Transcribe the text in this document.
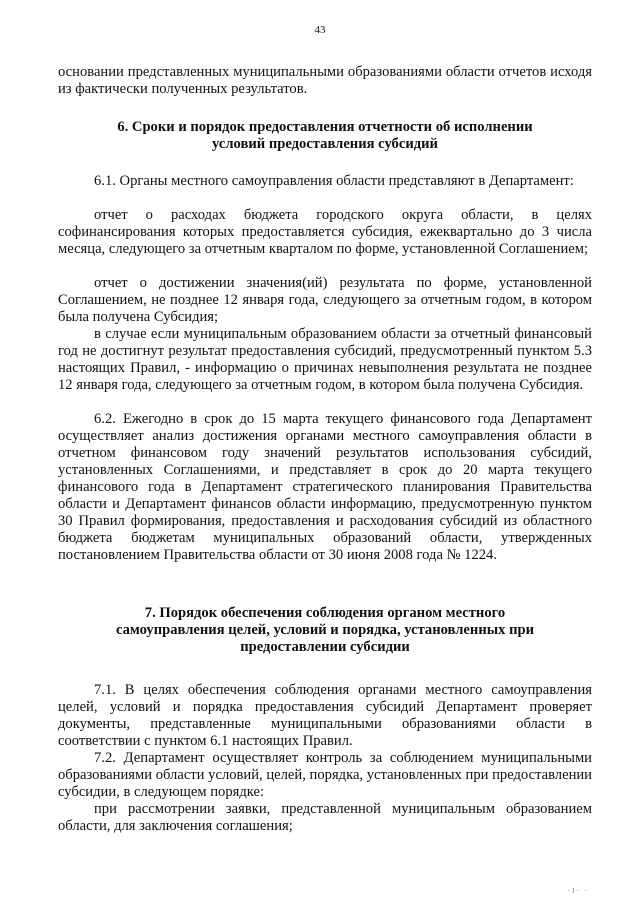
43

основании представленных муниципальными образованиями области отчетов исходя из фактически полученных результатов.

6. Сроки и порядок предоставления отчетности об исполнении

условий предоставления субсидий

6.1. Органы местного самоуправления области представляют в Департамент:

отчет о расходах бюджета городского округа области, в целях софинансирования которых предоставляется субсидия, ежеквартально до 3 числа месяца, следующего за отчетным кварталом по форме, установленной Соглашением;

отчет о достижении значения(ий) результата по форме, установленной Соглашением, не позднее 12 января года, следующего за отчетным годом, в котором была получена Субсидия;

в случае если муниципальным образованием области за отчетный финансовый год не достигнут результат предоставления субсидий, предусмотренный пунктом 5.3 настоящих Правил, - информацию о причинах невыполнения результата не позднее 12 января года, следующего за отчетным годом, в котором была получена Субсидия.

6.2. Ежегодно в срок до 15 марта текущего финансового года Департамент осуществляет анализ достижения органами местного самоуправления области в отчетном финансовом году значений результатов использования субсидий, установленных Соглашениями, и представляет в срок до 20 марта текущего финансового года в Департамент стратегического планирования Правительства области и Департамент финансов области информацию, предусмотренную пунктом 30 Правил формирования, предоставления и расходования субсидий из областного бюджета бюджетам муниципальных образований области, утвержденных постановлением Правительства области от 30 июня 2008 года № 1224.

7. Порядок обеспечения соблюдения органом местного

самоуправления целей, условий и порядка, установленных при

предоставлении субсидии

7.1. В целях обеспечения соблюдения органами местного самоуправления целей, условий и порядка предоставления субсидий Департамент проверяет документы, представленные муниципальными образованиями области в соответствии с пунктом 6.1 настоящих Правил.

7.2. Департамент осуществляет контроль за соблюдением муниципальными образованиями области условий, целей, порядка, установленных при предоставлении субсидии, в следующем порядке:

при рассмотрении заявки, представленной муниципальным образованием области, для заключения соглашения;

·l· ·
